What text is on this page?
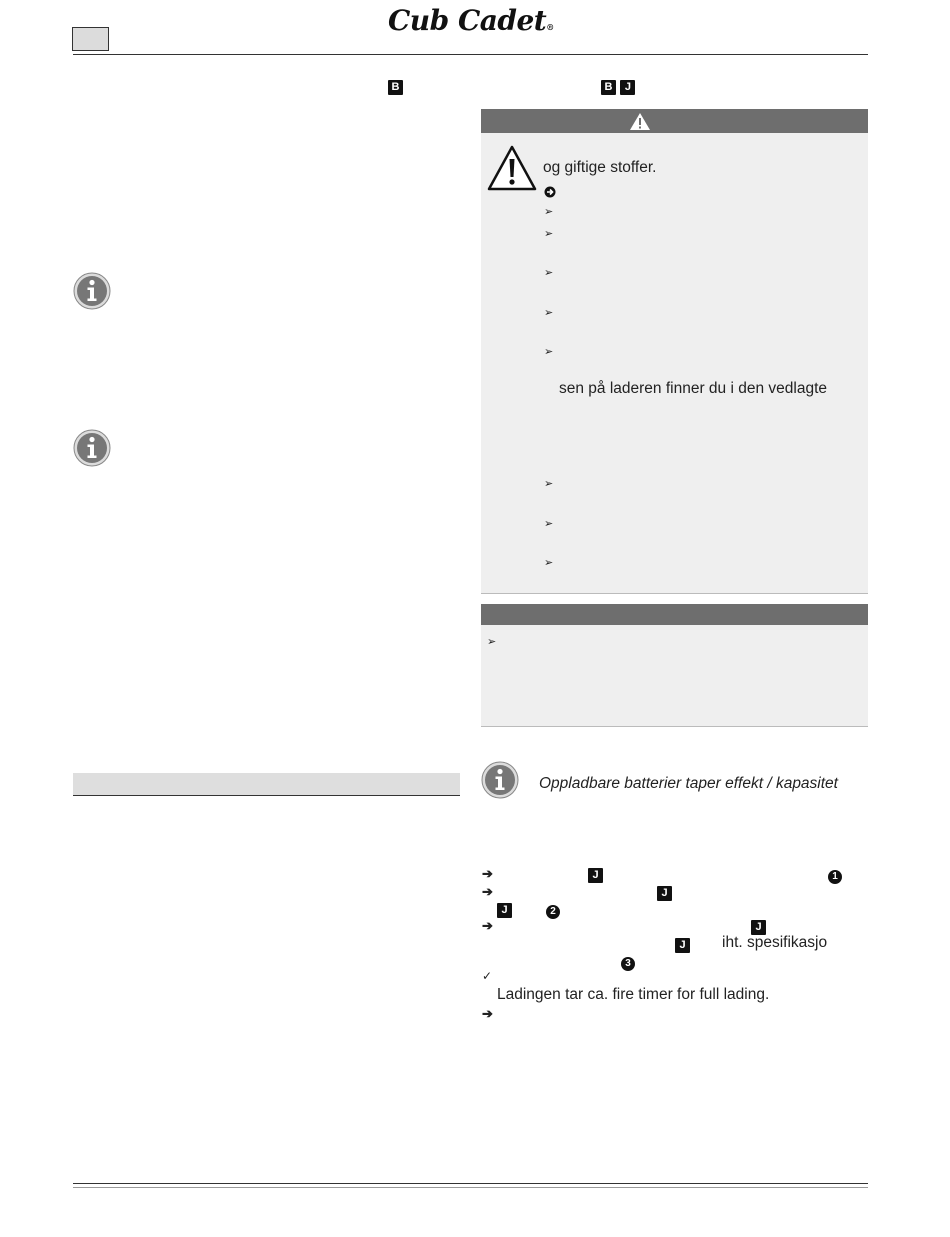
Cub Cadet®
B	B J
og giftige stoffer.
➢
➢
➢
➢
➢
sen på laderen finner du i den vedlagte
➢
➢
➢
➢
Oppladbare batterier taper effekt / kapasitet
➔	J	1
➔	J
J	2
➔	J
J iht. spesifikasjo
3
✓
Ladingen tar ca. fire timer for full lading.
➔
